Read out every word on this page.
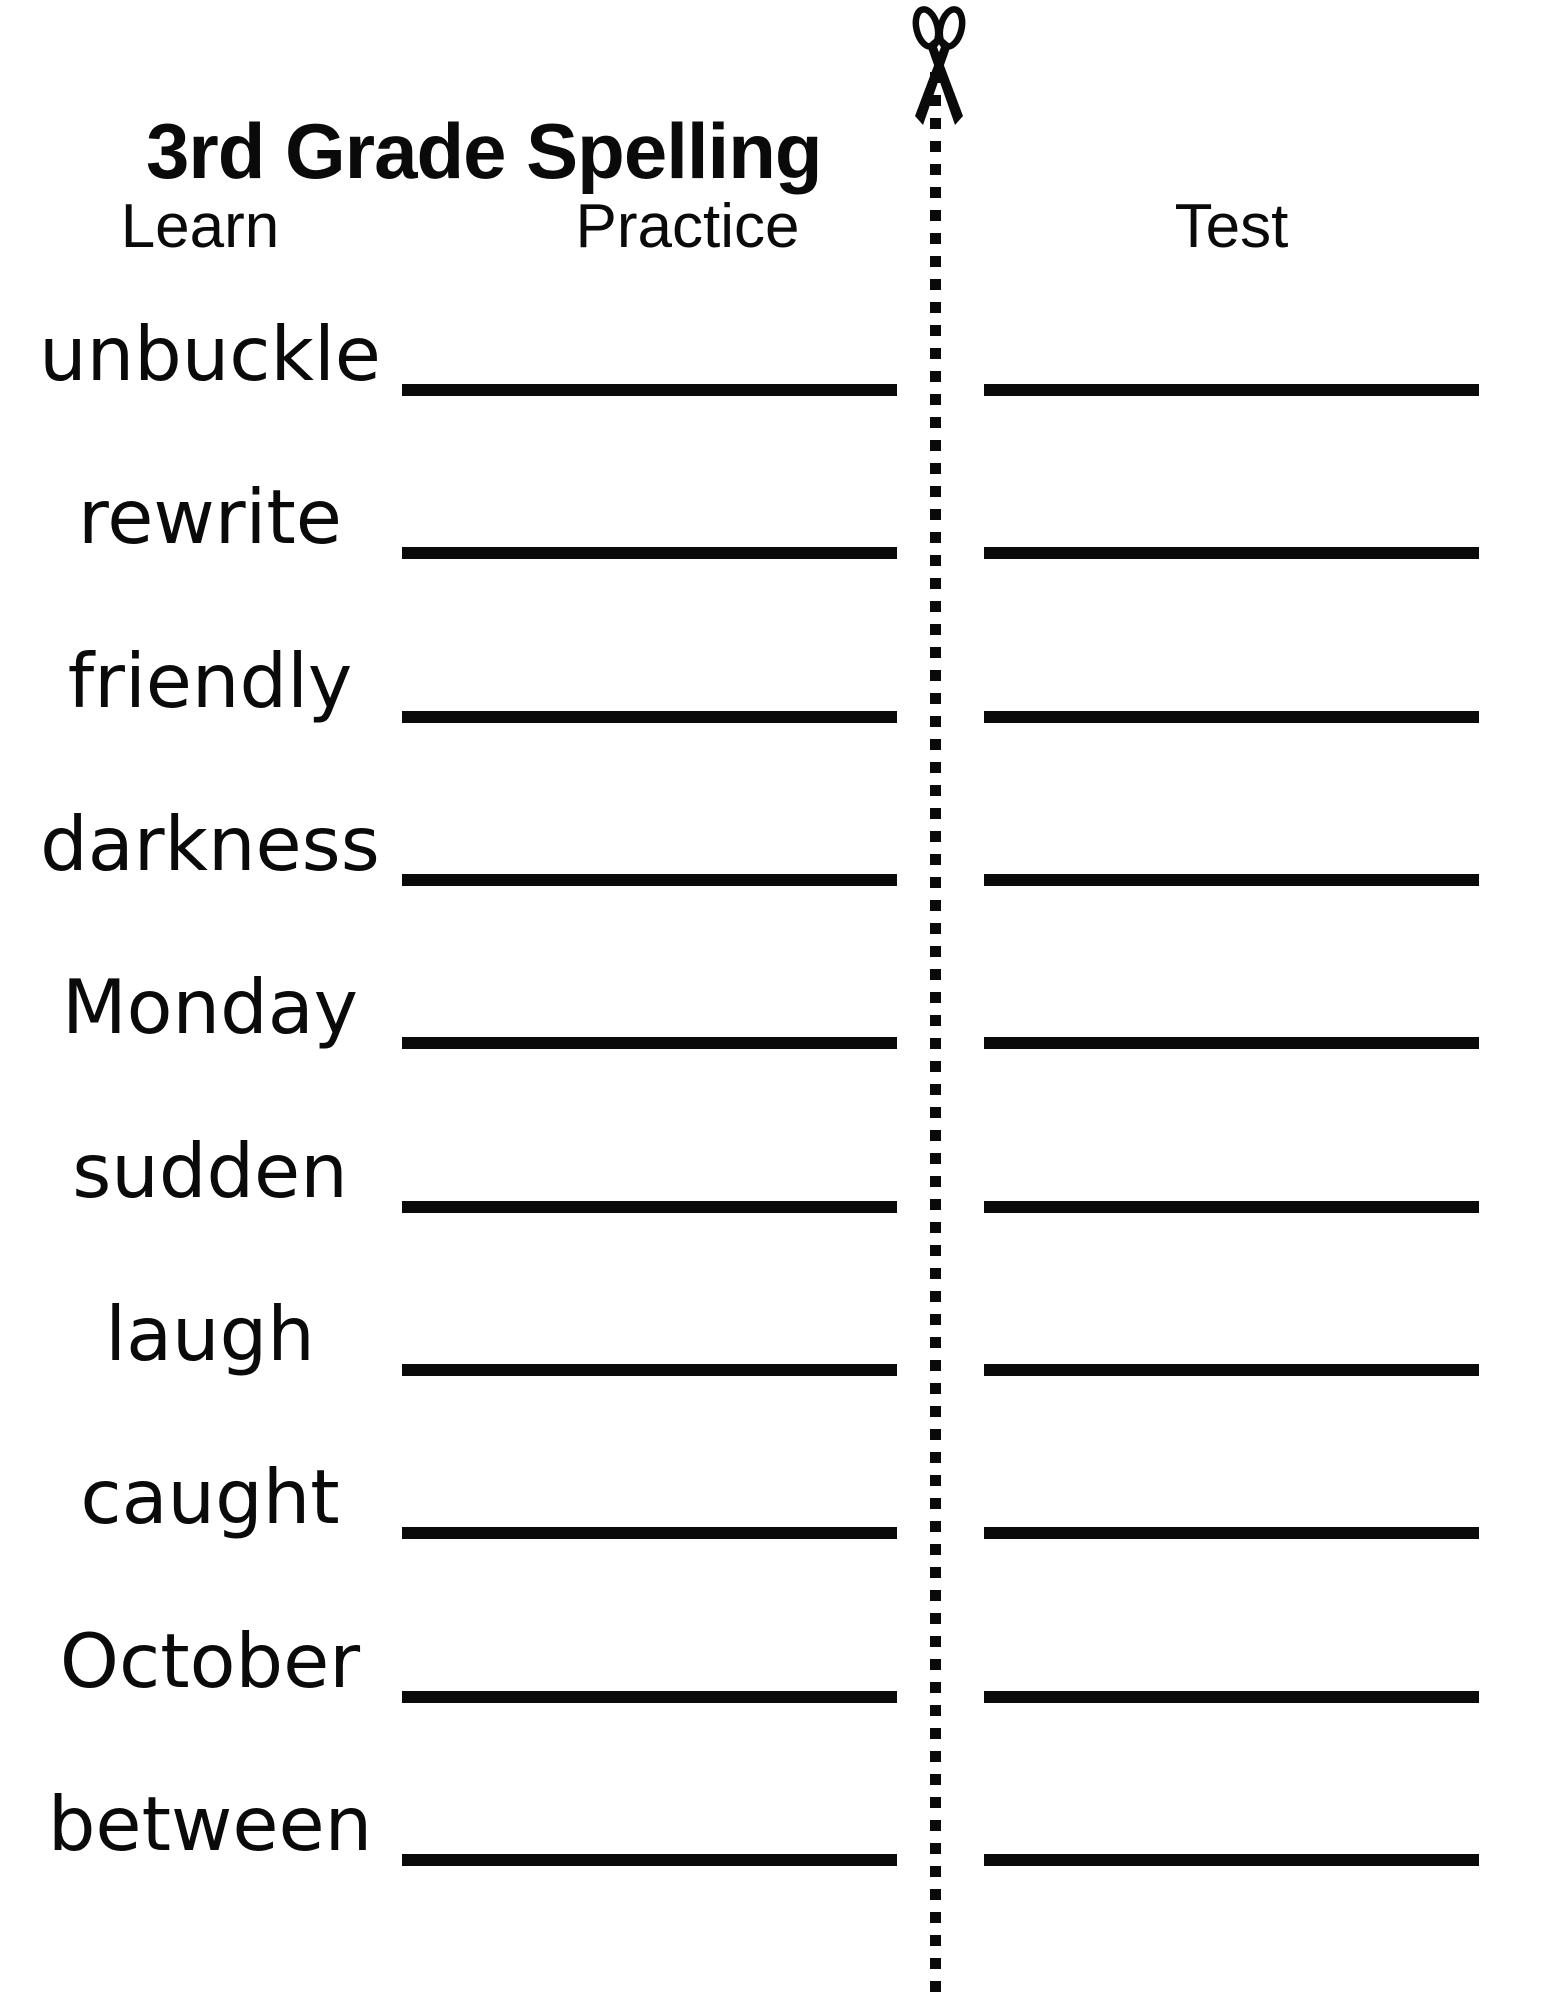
3rd Grade Spelling
Learn	Practice	Test
unbuckle
rewrite
friendly
darkness
Monday
sudden
laugh
caught
October
between
